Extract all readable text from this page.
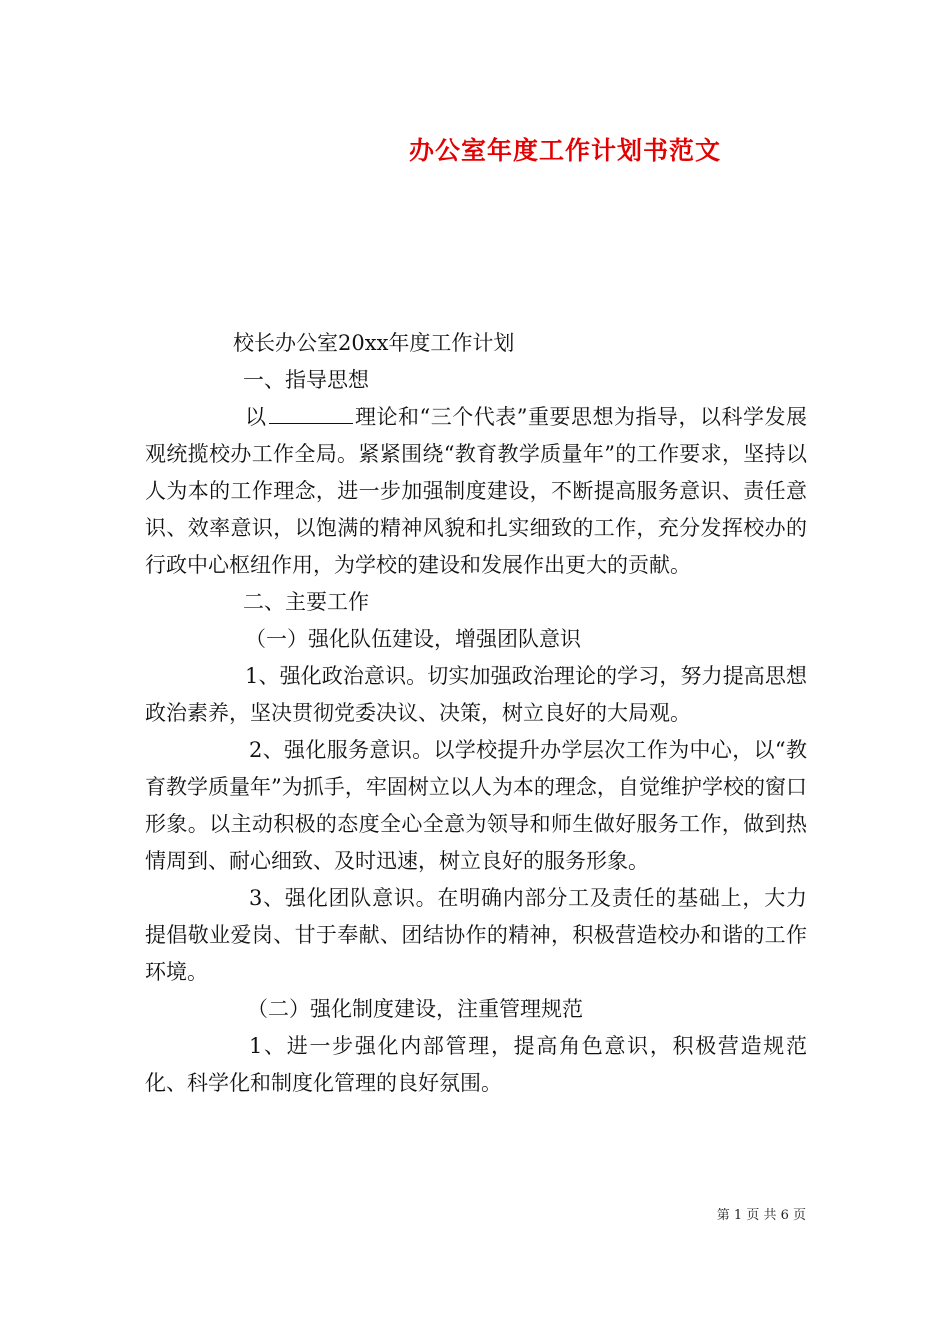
办公室年度工作计划书范文

校长办公室20xx年度工作计划

一、指导思想

以	理论和“三个代表”重要思想为指导，以科学发展观统揽校办工作全局。紧紧围绕“教育教学质量年”的工作要求，坚持以人为本的工作理念，进一步加强制度建设，不断提高服务意识、责任意识、效率意识，以饱满的精神风貌和扎实细致的工作，充分发挥校办的行政中心枢纽作用，为学校的建设和发展作出更大的贡献。

二、主要工作

（一）强化队伍建设，增强团队意识

1、强化政治意识。切实加强政治理论的学习，努力提高思想政治素养，坚决贯彻党委决议、决策，树立良好的大局观。

2、强化服务意识。以学校提升办学层次工作为中心，以“教育教学质量年”为抓手，牢固树立以人为本的理念，自觉维护学校的窗口形象。以主动积极的态度全心全意为领导和师生做好服务工作，做到热情周到、耐心细致、及时迅速，树立良好的服务形象。

3、强化团队意识。在明确内部分工及责任的基础上，大力提倡敬业爱岗、甘于奉献、团结协作的精神，积极营造校办和谐的工作环境。

（二）强化制度建设，注重管理规范

1、进一步强化内部管理，提高角色意识，积极营造规范化、科学化和制度化管理的良好氛围。

第 1 页 共 6 页
